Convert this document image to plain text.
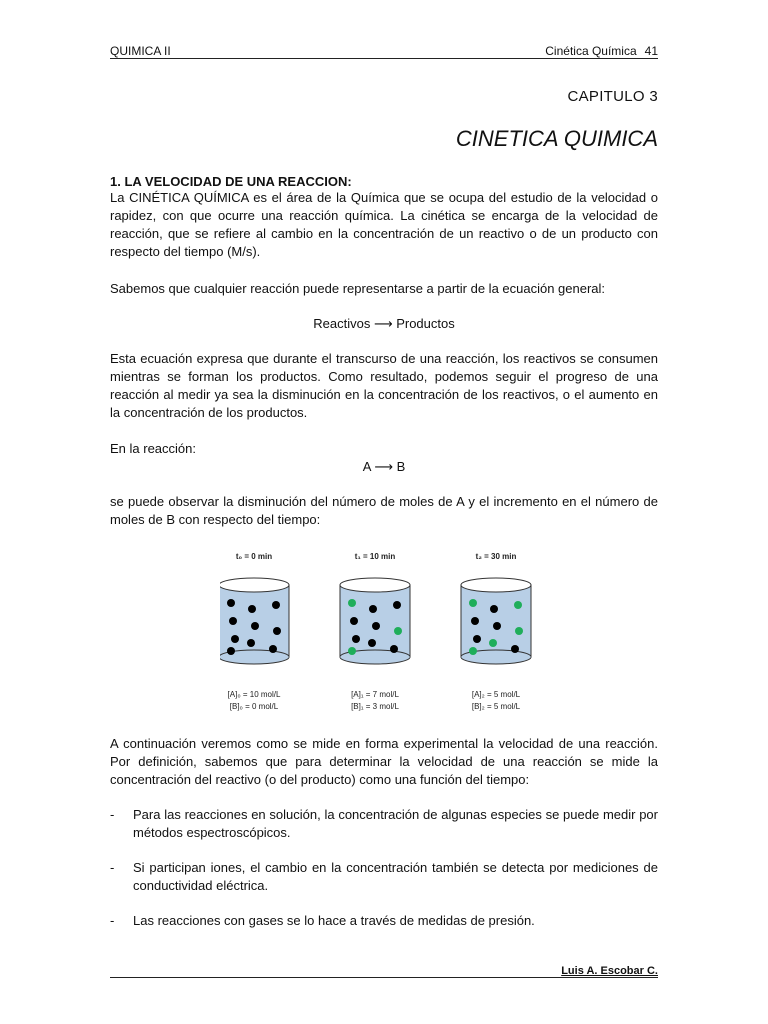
QUIMICA II	Cinética Química 41
CAPITULO 3
CINETICA QUIMICA
1. LA VELOCIDAD DE UNA REACCION:
La CINÉTICA QUÍMICA es el área de la Química que se ocupa del estudio de la velocidad o rapidez, con que ocurre una reacción química. La cinética se encarga de la velocidad de reacción, que se refiere al cambio en la concentración de un reactivo o de un producto con respecto del tiempo (M/s).
Sabemos que cualquier reacción puede representarse a partir de la ecuación general:
Reactivos ⟶ Productos
Esta ecuación expresa que durante el transcurso de una reacción, los reactivos se consumen mientras se forman los productos. Como resultado, podemos seguir el progreso de una reacción al medir ya sea la disminución en la concentración de los reactivos, o el aumento en la concentración de los productos.
En la reacción:
A ⟶ B
se puede observar la disminución del número de moles de A y el incremento en el número de moles de B con respecto del tiempo:
t₀ = 0 min
[A]₀ = 10 mol/L
[B]₀ = 0 mol/L
t₁ = 10 min
[A]₁ = 7 mol/L
[B]₁ = 3 mol/L
t₂ = 30 min
[A]₂ = 5 mol/L
[B]₂ = 5 mol/L
A continuación veremos como se mide en forma experimental la velocidad de una reacción. Por definición, sabemos que para determinar la velocidad de una reacción se mide la concentración del reactivo (o del producto) como una función del tiempo:
- Para las reacciones en solución, la concentración de algunas especies se puede medir por métodos espectroscópicos.
- Si participan iones, el cambio en la concentración también se detecta por mediciones de conductividad eléctrica.
- Las reacciones con gases se lo hace a través de medidas de presión.
Luis A. Escobar C.
